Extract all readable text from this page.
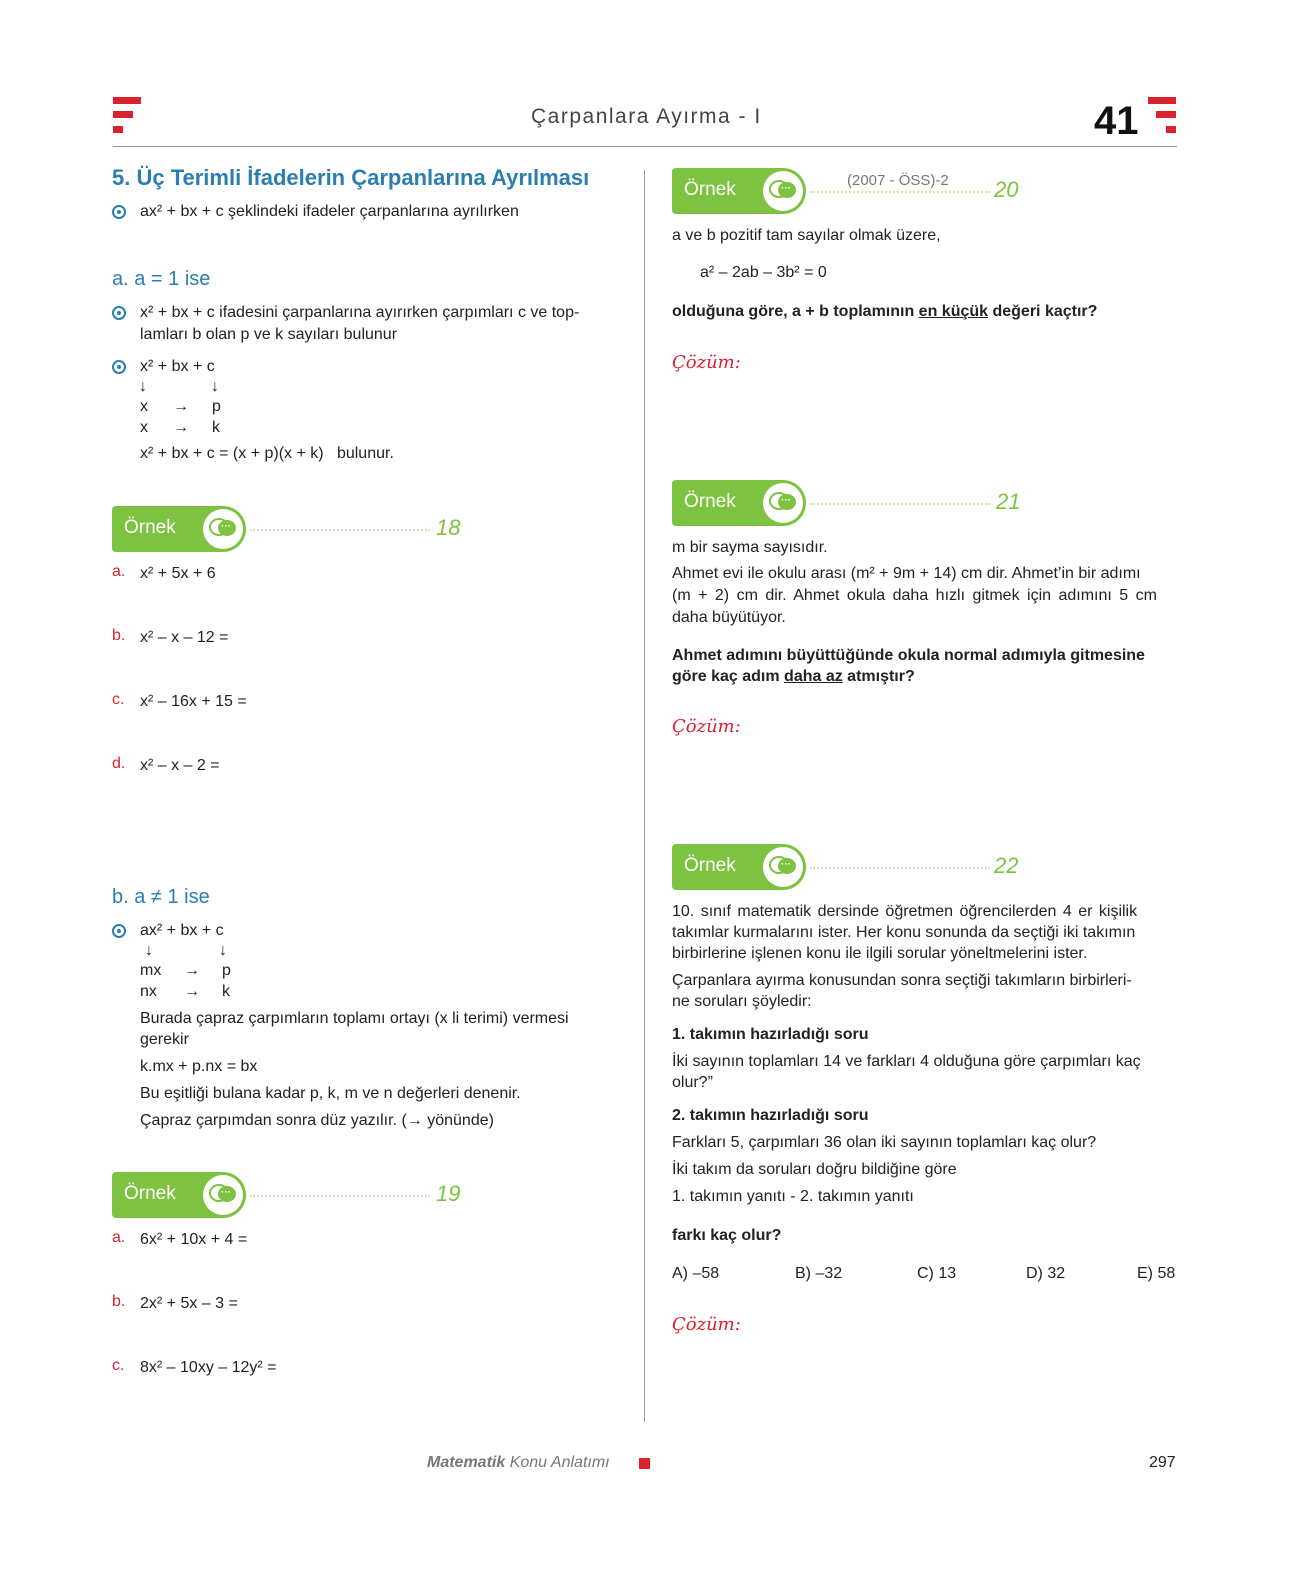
Çarpanlara Ayırma - I	41
5. Üç Terimli İfadelerin Çarpanlarına Ayrılması
ax² + bx + c şeklindeki ifadeler çarpanlarına ayrılırken
a. a = 1 ise
x² + bx + c ifadesini çarpanlarına ayırırken çarpımları c ve top-
lamları b olan p ve k sayıları bulunur
x² + bx + c
↓	↓
x → p
x → k
x² + bx + c = (x + p)(x + k)   bulunur.
Örnek	···	18
a. x² + 5x + 6
b. x² – x – 12 =
c. x² – 16x + 15 =
d. x² – x – 2 =
b. a ≠ 1 ise
ax² + bx + c
↓	↓
mx → p
nx → k
Burada çapraz çarpımların toplamı ortayı (x li terimi) vermesi
gerekir
k.mx + p.nx = bx
Bu eşitliği bulana kadar p, k, m ve n değerleri denenir.
Çapraz çarpımdan sonra düz yazılır. (→ yönünde)
Örnek	···	19
a. 6x² + 10x + 4 =
b. 2x² + 5x – 3 =
c. 8x² – 10xy – 12y² =
Örnek	···	(2007 - ÖSS)-2 20
a ve b pozitif tam sayılar olmak üzere,
a² – 2ab – 3b² = 0
olduğuna göre, a + b toplamının en küçük değeri kaçtır?
Çözüm:
Örnek	···	21
m bir sayma sayısıdır.
Ahmet evi ile okulu arası (m² + 9m + 14) cm dir. Ahmet’in bir adımı
(m + 2) cm dir. Ahmet okula daha hızlı gitmek için adımını 5 cm
daha büyütüyor.
Ahmet adımını büyüttüğünde okula normal adımıyla gitmesine
göre kaç adım daha az atmıştır?
Çözüm:
Örnek	···	22
10. sınıf matematik dersinde öğretmen öğrencilerden 4 er kişilik
takımlar kurmalarını ister. Her konu sonunda da seçtiği iki takımın
birbirlerine işlenen konu ile ilgili sorular yöneltmelerini ister.
Çarpanlara ayırma konusundan sonra seçtiği takımların birbirleri-
ne soruları şöyledir:
1. takımın hazırladığı soru
İki sayının toplamları 14 ve farkları 4 olduğuna göre çarpımları kaç
olur?”
2. takımın hazırladığı soru
Farkları 5, çarpımları 36 olan iki sayının toplamları kaç olur?
İki takım da soruları doğru bildiğine göre
1. takımın yanıtı - 2. takımın yanıtı
farkı kaç olur?
A) –58	B) –32	C) 13	D) 32	E) 58
Çözüm:
Matematik Konu Anlatımı	297
